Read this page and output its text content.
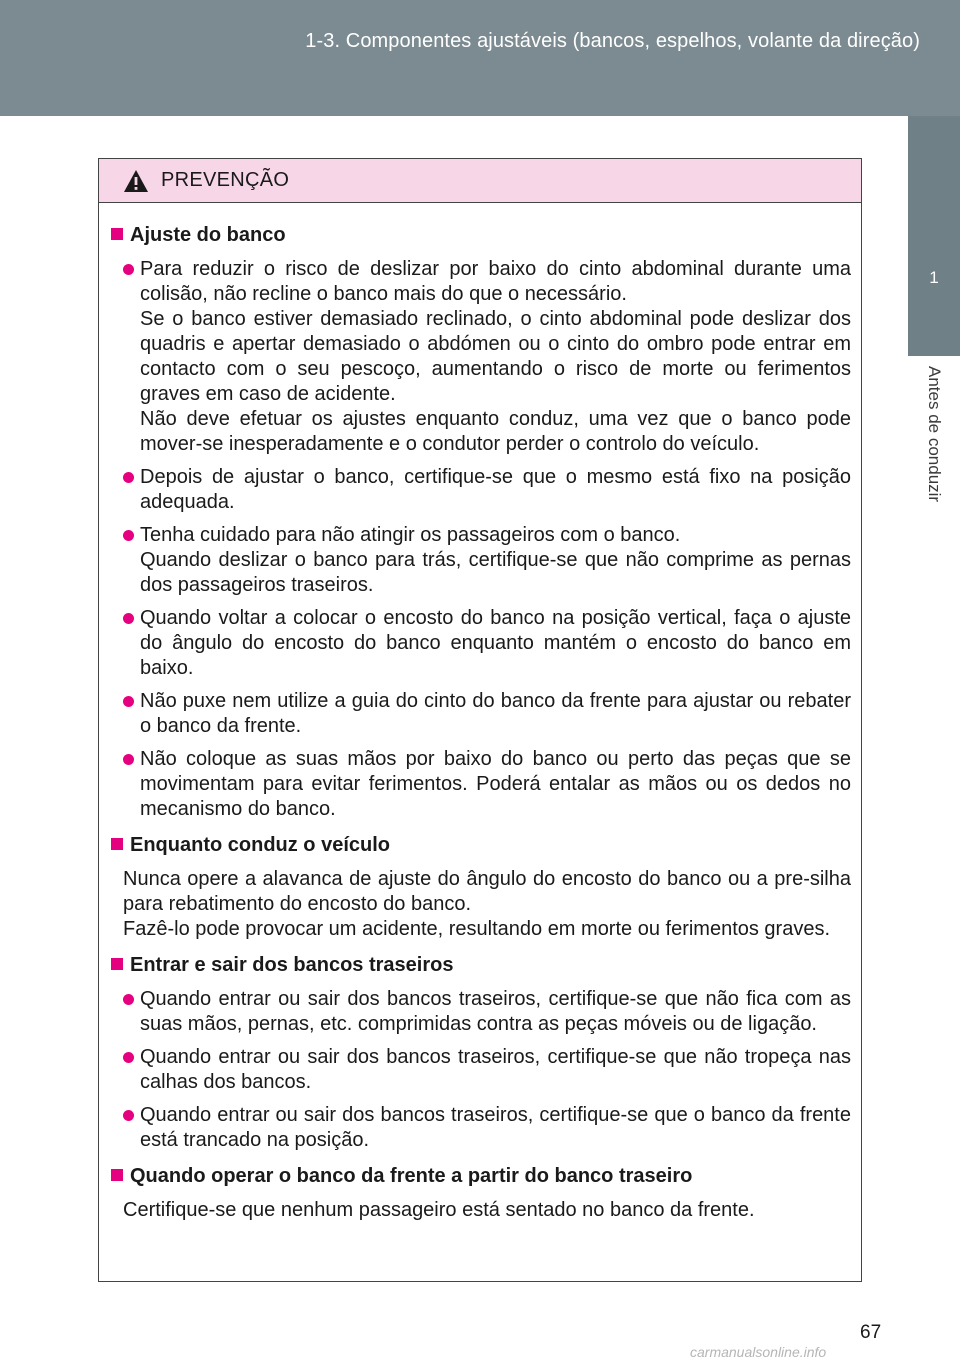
1-3. Componentes ajustáveis (bancos, espelhos, volante da direção)
1
Antes de conduzir
PREVENÇÃO
Ajuste do banco
Para reduzir o risco de deslizar por baixo do cinto abdominal durante uma colisão, não recline o banco mais do que o necessário.
Se o banco estiver demasiado reclinado, o cinto abdominal pode deslizar dos quadris e apertar demasiado o abdómen ou o cinto do ombro pode entrar em contacto com o seu pescoço, aumentando o risco de morte ou ferimentos graves em caso de acidente.
Não deve efetuar os ajustes enquanto conduz, uma vez que o banco pode mover-se inesperadamente e o condutor perder o controlo do veículo.
Depois de ajustar o banco, certifique-se que o mesmo está fixo na posição adequada.
Tenha cuidado para não atingir os passageiros com o banco.
Quando deslizar o banco para trás, certifique-se que não comprime as pernas dos passageiros traseiros.
Quando voltar a colocar o encosto do banco na posição vertical, faça o ajuste do ângulo do encosto do banco enquanto mantém o encosto do banco em baixo.
Não puxe nem utilize a guia do cinto do banco da frente para ajustar ou rebater o banco da frente.
Não coloque as suas mãos por baixo do banco ou perto das peças que se movimentam para evitar ferimentos. Poderá entalar as mãos ou os dedos no mecanismo do banco.
Enquanto conduz o veículo
Nunca opere a alavanca de ajuste do ângulo do encosto do banco ou a pre-silha para rebatimento do encosto do banco.
Fazê-lo pode provocar um acidente, resultando em morte ou ferimentos graves.
Entrar e sair dos bancos traseiros
Quando entrar ou sair dos bancos traseiros, certifique-se que não fica com as suas mãos, pernas, etc. comprimidas contra as peças móveis ou de ligação.
Quando entrar ou sair dos bancos traseiros, certifique-se que não tropeça nas calhas dos bancos.
Quando entrar ou sair dos bancos traseiros, certifique-se que o banco da frente está trancado na posição.
Quando operar o banco da frente a partir do banco traseiro
Certifique-se que nenhum passageiro está sentado no banco da frente.
67
carmanualsonline.info
